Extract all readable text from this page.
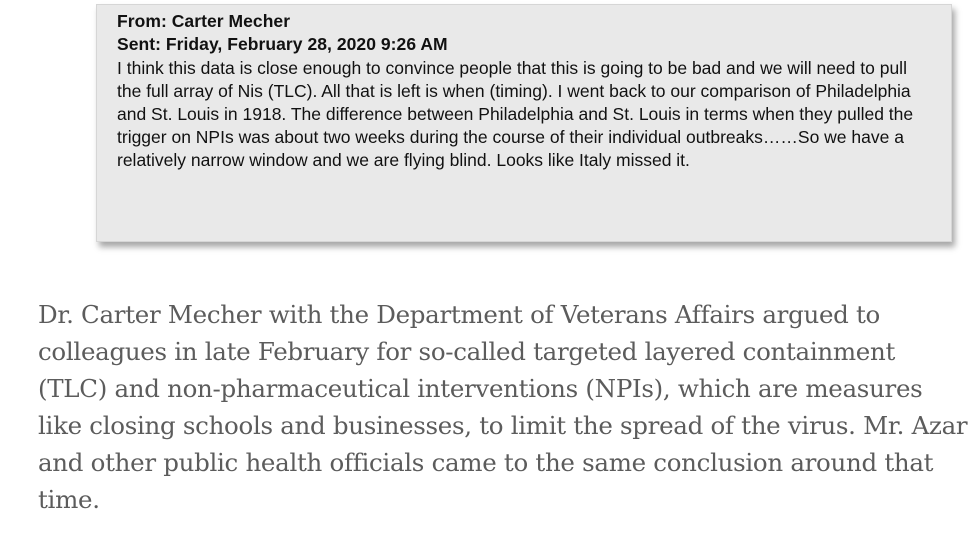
From: Carter Mecher
Sent: Friday, February 28, 2020 9:26 AM
I think this data is close enough to convince people that this is going to be bad and we will need to pull the full array of Nis (TLC). All that is left is when (timing). I went back to our comparison of Philadelphia and St. Louis in 1918. The difference between Philadelphia and St. Louis in terms when they pulled the trigger on NPIs was about two weeks during the course of their individual outbreaks……So we have a relatively narrow window and we are flying blind. Looks like Italy missed it.
Dr. Carter Mecher with the Department of Veterans Affairs argued to colleagues in late February for so-called targeted layered containment (TLC) and non-pharmaceutical interventions (NPIs), which are measures like closing schools and businesses, to limit the spread of the virus. Mr. Azar and other public health officials came to the same conclusion around that time.
